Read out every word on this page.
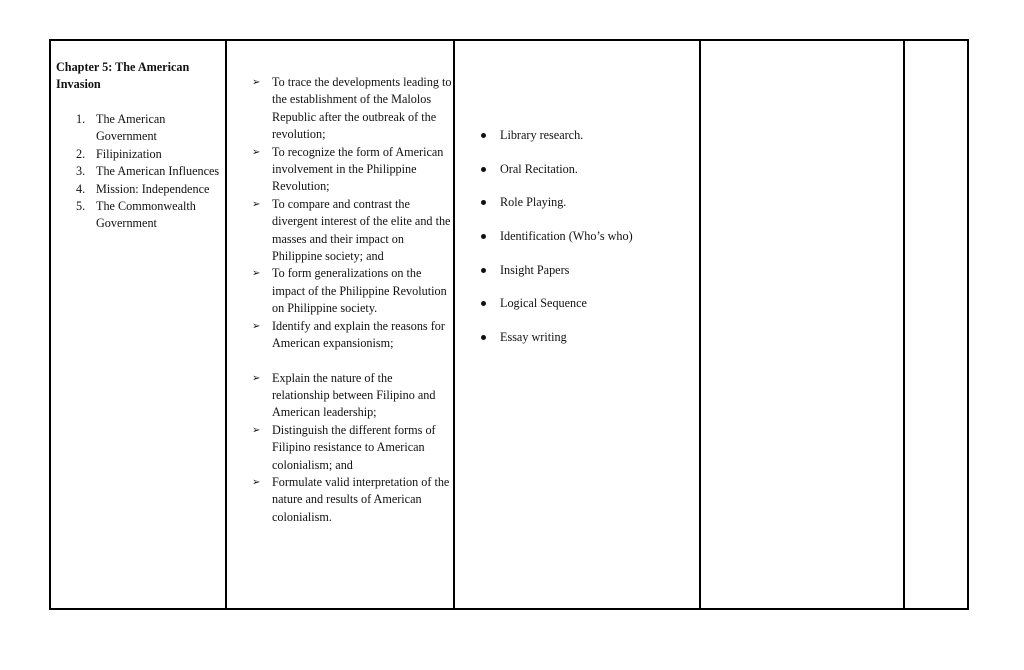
Chapter 5: The American Invasion
1. The American Government
2. Filipinization
3. The American Influences
4. Mission: Independence
5. The Commonwealth Government
➢ To trace the developments leading to the establishment of the Malolos Republic after the outbreak of the revolution;
➢ To recognize the form of American involvement in the Philippine Revolution;
➢ To compare and contrast the divergent interest of the elite and the masses and their impact on Philippine society; and
➢ To form generalizations on the impact of the Philippine Revolution on Philippine society.
➢ Identify and explain the reasons for American expansionism;
➢ Explain the nature of the relationship between Filipino and American leadership;
➢ Distinguish the different forms of Filipino resistance to American colonialism; and
➢ Formulate valid interpretation of the nature and results of American colonialism.
Library research.
Oral Recitation.
Role Playing.
Identification (Who’s who)
Insight Papers
Logical Sequence
Essay writing
